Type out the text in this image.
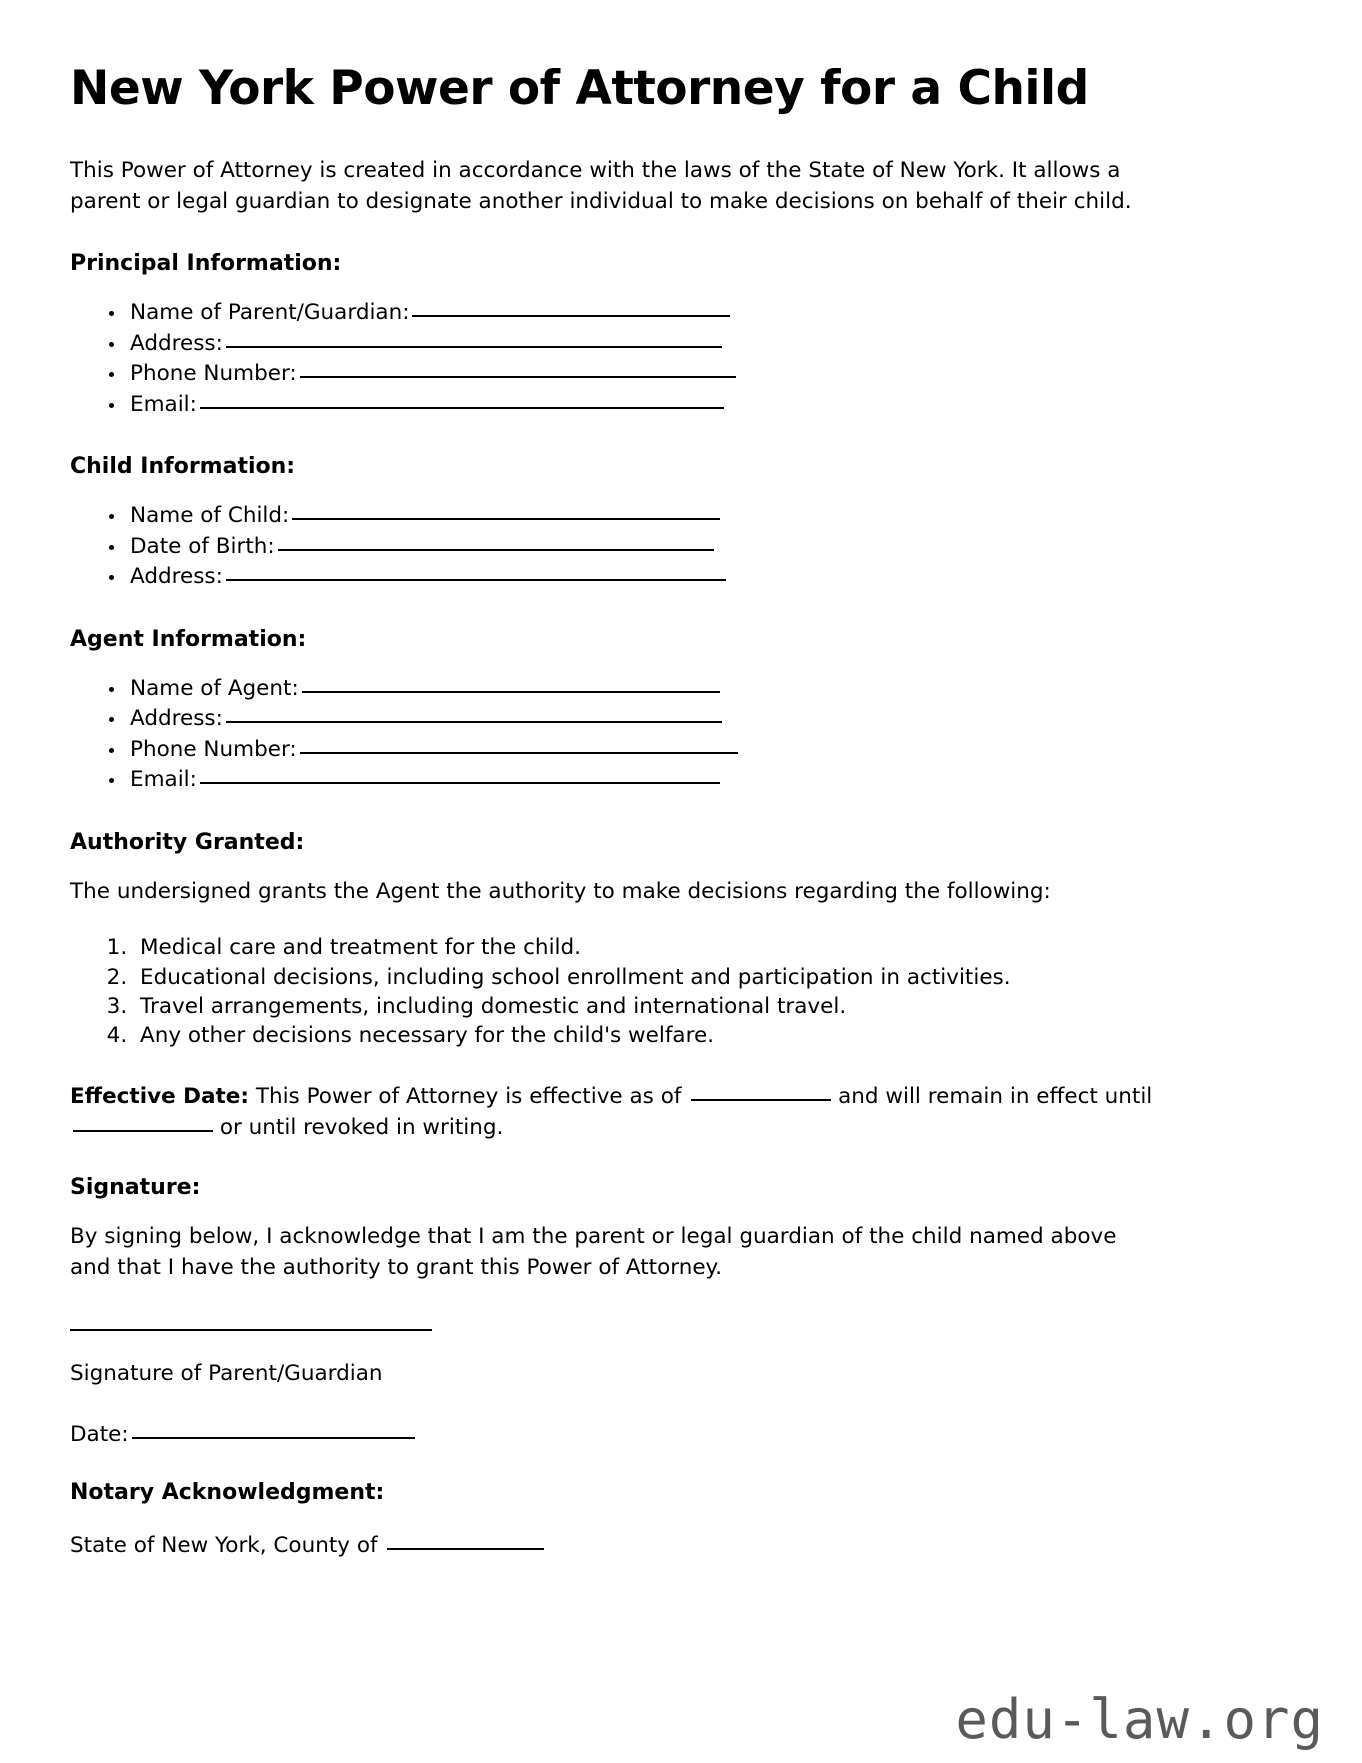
New York Power of Attorney for a Child

This Power of Attorney is created in accordance with the laws of the State of New York. It allows a parent or legal guardian to designate another individual to make decisions on behalf of their child.

Principal Information:
Name of Parent/Guardian:
Address:
Phone Number:
Email:
Child Information:
Name of Child:
Date of Birth:
Address:
Agent Information:
Name of Agent:
Address:
Phone Number:
Email:
Authority Granted:

The undersigned grants the Agent the authority to make decisions regarding the following:

1. Medical care and treatment for the child.
2. Educational decisions, including school enrollment and participation in activities.
3. Travel arrangements, including domestic and international travel.
4. Any other decisions necessary for the child's welfare.

Effective Date: This Power of Attorney is effective as of	and will remain in effect until  or until revoked in writing.

Signature:

By signing below, I acknowledge that I am the parent or legal guardian of the child named above and that I have the authority to grant this Power of Attorney.

Signature of Parent/Guardian

Date:

Notary Acknowledgment:

State of New York, County of

edu-law.org
